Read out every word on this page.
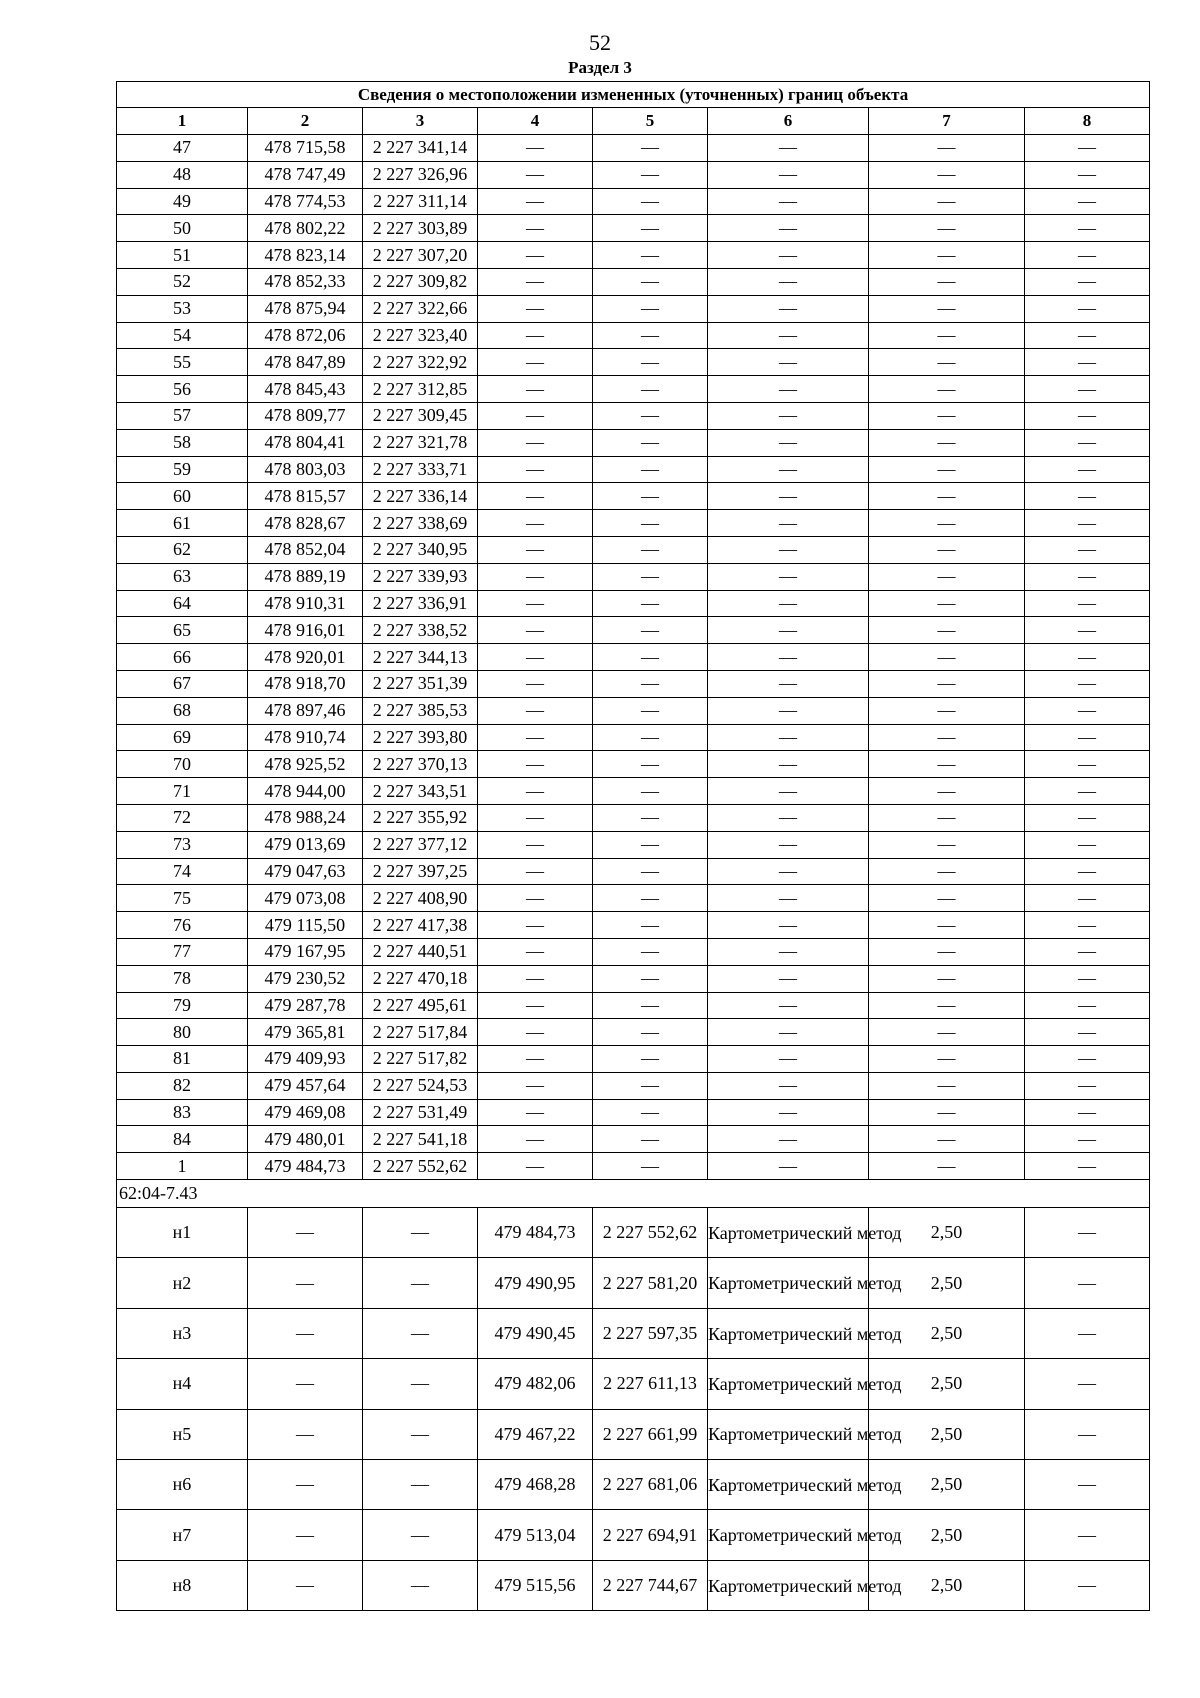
52
Раздел 3
Сведения о местоположении измененных (уточненных) границ объекта							
1	2	3	4	5	6	7	8
47	478 715,58	2 227 341,14	—	—	—	—	—
48	478 747,49	2 227 326,96	—	—	—	—	—
49	478 774,53	2 227 311,14	—	—	—	—	—
50	478 802,22	2 227 303,89	—	—	—	—	—
51	478 823,14	2 227 307,20	—	—	—	—	—
52	478 852,33	2 227 309,82	—	—	—	—	—
53	478 875,94	2 227 322,66	—	—	—	—	—
54	478 872,06	2 227 323,40	—	—	—	—	—
55	478 847,89	2 227 322,92	—	—	—	—	—
56	478 845,43	2 227 312,85	—	—	—	—	—
57	478 809,77	2 227 309,45	—	—	—	—	—
58	478 804,41	2 227 321,78	—	—	—	—	—
59	478 803,03	2 227 333,71	—	—	—	—	—
60	478 815,57	2 227 336,14	—	—	—	—	—
61	478 828,67	2 227 338,69	—	—	—	—	—
62	478 852,04	2 227 340,95	—	—	—	—	—
63	478 889,19	2 227 339,93	—	—	—	—	—
64	478 910,31	2 227 336,91	—	—	—	—	—
65	478 916,01	2 227 338,52	—	—	—	—	—
66	478 920,01	2 227 344,13	—	—	—	—	—
67	478 918,70	2 227 351,39	—	—	—	—	—
68	478 897,46	2 227 385,53	—	—	—	—	—
69	478 910,74	2 227 393,80	—	—	—	—	—
70	478 925,52	2 227 370,13	—	—	—	—	—
71	478 944,00	2 227 343,51	—	—	—	—	—
72	478 988,24	2 227 355,92	—	—	—	—	—
73	479 013,69	2 227 377,12	—	—	—	—	—
74	479 047,63	2 227 397,25	—	—	—	—	—
75	479 073,08	2 227 408,90	—	—	—	—	—
76	479 115,50	2 227 417,38	—	—	—	—	—
77	479 167,95	2 227 440,51	—	—	—	—	—
78	479 230,52	2 227 470,18	—	—	—	—	—
79	479 287,78	2 227 495,61	—	—	—	—	—
80	479 365,81	2 227 517,84	—	—	—	—	—
81	479 409,93	2 227 517,82	—	—	—	—	—
82	479 457,64	2 227 524,53	—	—	—	—	—
83	479 469,08	2 227 531,49	—	—	—	—	—
84	479 480,01	2 227 541,18	—	—	—	—	—
1	479 484,73	2 227 552,62	—	—	—	—	—
62:04-7.43							
н1	—	—	479 484,73	2 227 552,62	Картометрический метод	2,50	—
н2	—	—	479 490,95	2 227 581,20	Картометрический метод	2,50	—
н3	—	—	479 490,45	2 227 597,35	Картометрический метод	2,50	—
н4	—	—	479 482,06	2 227 611,13	Картометрический метод	2,50	—
н5	—	—	479 467,22	2 227 661,99	Картометрический метод	2,50	—
н6	—	—	479 468,28	2 227 681,06	Картометрический метод	2,50	—
н7	—	—	479 513,04	2 227 694,91	Картометрический метод	2,50	—
н8	—	—	479 515,56	2 227 744,67	Картометрический метод	2,50	—
